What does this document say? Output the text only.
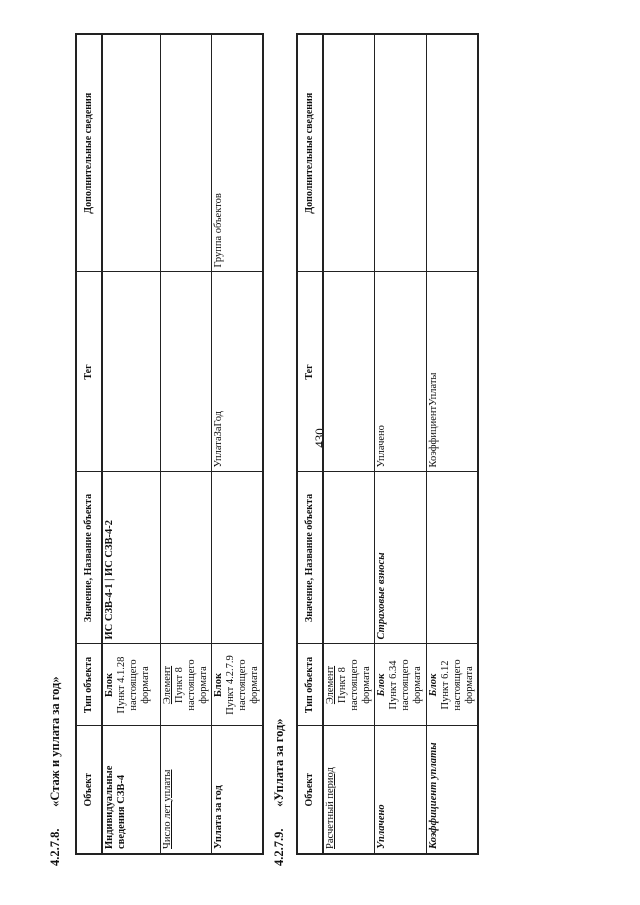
430
4.2.7.8. «Стаж и уплата за год» Объект	Тип объекта	Значение, Название объекта	Тег	Дополнительные сведения
Индивидуальные сведения СЗВ-4	Блок Пункт 4.1.28 настоящего формата	ИС СЗВ-4-1 | ИС СЗВ-4-2		
Число лет уплаты	Элемент Пункт 8 настоящего формата			

Уплата за год	Блок Пункт 4.2.7.9 настоящего формата		УплатаЗаГод	Группа объектов
4.2.7.9. «Уплата за год» Объект	Тип объекта	Значение, Название объекта	Тег	Дополнительные сведения
Расчетный период	Элемент Пункт 8 настоящего формата			

Уплачено	Блок Пункт 6.34 настоящего формата	Страховые взносы	Уплачено	
Коэффициент уплаты	Блок Пункт 6.12 настоящего формата		КоэффициентУплаты	
